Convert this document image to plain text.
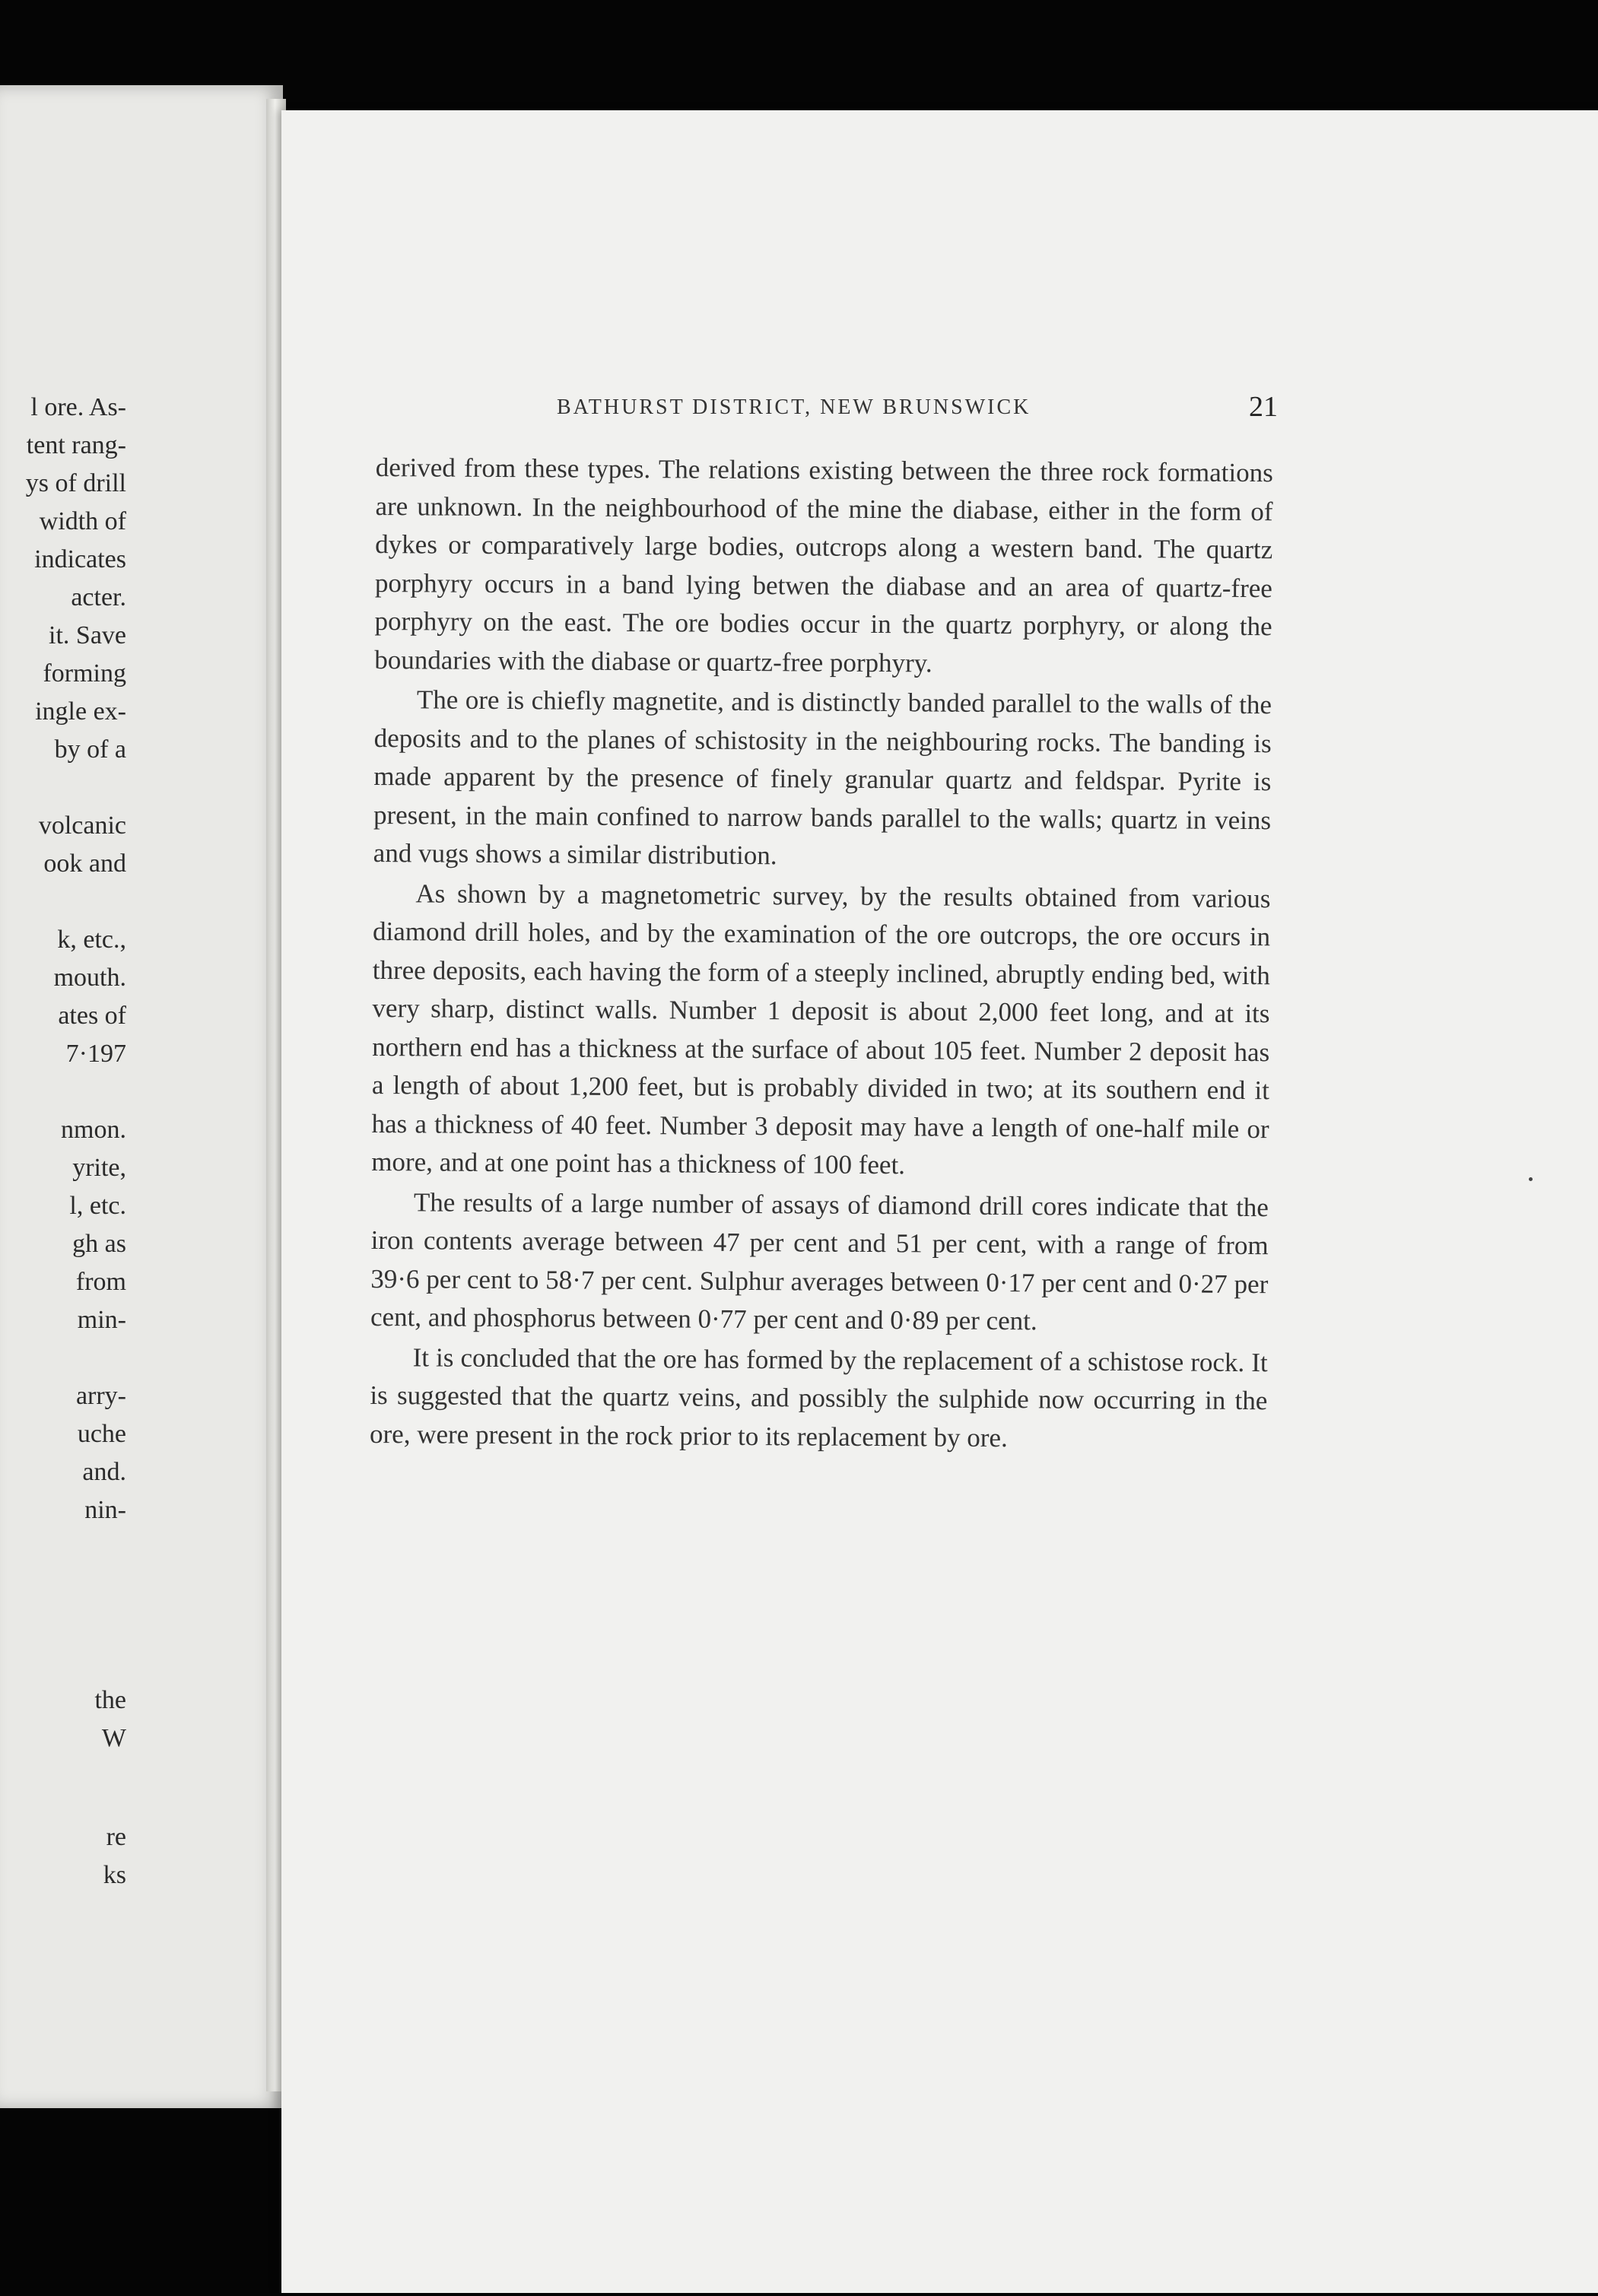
l ore. As-
tent rang-
ys of drill
width of
indicates
acter.
it. Save
forming
ingle ex-
by of a
volcanic
ook and
k, etc.,
mouth.
ates of
7·197
nmon.
yrite,
l, etc.
gh as
from
min-
arry-
uche
and.
nin-
the
W
re
ks
BATHURST DISTRICT, NEW BRUNSWICK	21

derived from these types. The relations existing between the three rock formations are unknown. In the neighbourhood of the mine the diabase, either in the form of dykes or comparatively large bodies, outcrops along a western band. The quartz porphyry occurs in a band lying betwen the diabase and an area of quartz-free porphyry on the east. The ore bodies occur in the quartz porphyry, or along the boundaries with the diabase or quartz-free porphyry.

The ore is chiefly magnetite, and is distinctly banded parallel to the walls of the deposits and to the planes of schistosity in the neighbouring rocks. The banding is made apparent by the presence of finely granular quartz and feldspar. Pyrite is present, in the main confined to narrow bands parallel to the walls; quartz in veins and vugs shows a similar distribution.

As shown by a magnetometric survey, by the results obtained from various diamond drill holes, and by the examination of the ore outcrops, the ore occurs in three deposits, each having the form of a steeply inclined, abruptly ending bed, with very sharp, distinct walls. Number 1 deposit is about 2,000 feet long, and at its northern end has a thickness at the surface of about 105 feet. Number 2 deposit has a length of about 1,200 feet, but is probably divided in two; at its southern end it has a thickness of 40 feet. Number 3 deposit may have a length of one-half mile or more, and at one point has a thickness of 100 feet.

The results of a large number of assays of diamond drill cores indicate that the iron contents average between 47 per cent and 51 per cent, with a range of from 39·6 per cent to 58·7 per cent. Sulphur averages between 0·17 per cent and 0·27 per cent, and phosphorus between 0·77 per cent and 0·89 per cent.

It is concluded that the ore has formed by the replacement of a schistose rock. It is suggested that the quartz veins, and possibly the sulphide now occurring in the ore, were present in the rock prior to its replacement by ore.
